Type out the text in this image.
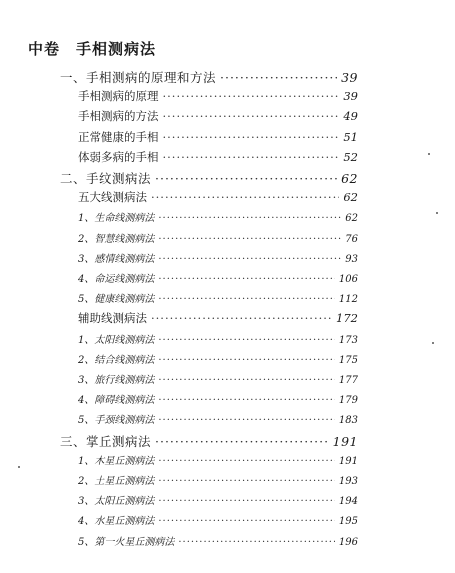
中卷　手相测病法
一、手相测病的原理和方法 ·····	39
手相测病的原理 ·····	39
手相测病的方法 ·····	49
正常健康的手相 ·····	51
体弱多病的手相 ·····	52
二、手纹测病法 ·····	62
五大线测病法 ·····	62
1、生命线测病法 ·····	62
2、智慧线测病法 ·····	76
3、感情线测病法 ·····	93
4、命运线测病法 ·····	106
5、健康线测病法 ·····	112
辅助线测病法 ·····	172
1、太阳线测病法 ·····	173
2、结合线测病法 ·····	175
3、旅行线测病法 ·····	177
4、障碍线测病法 ·····	179
5、手颈线测病法 ·····	183
三、掌丘测病法 ·····	191
1、木星丘测病法 ·····	191
2、土星丘测病法 ·····	193
3、太阳丘测病法 ·····	194
4、水星丘测病法 ·····	195
5、第一火星丘测病法 ·····	196
